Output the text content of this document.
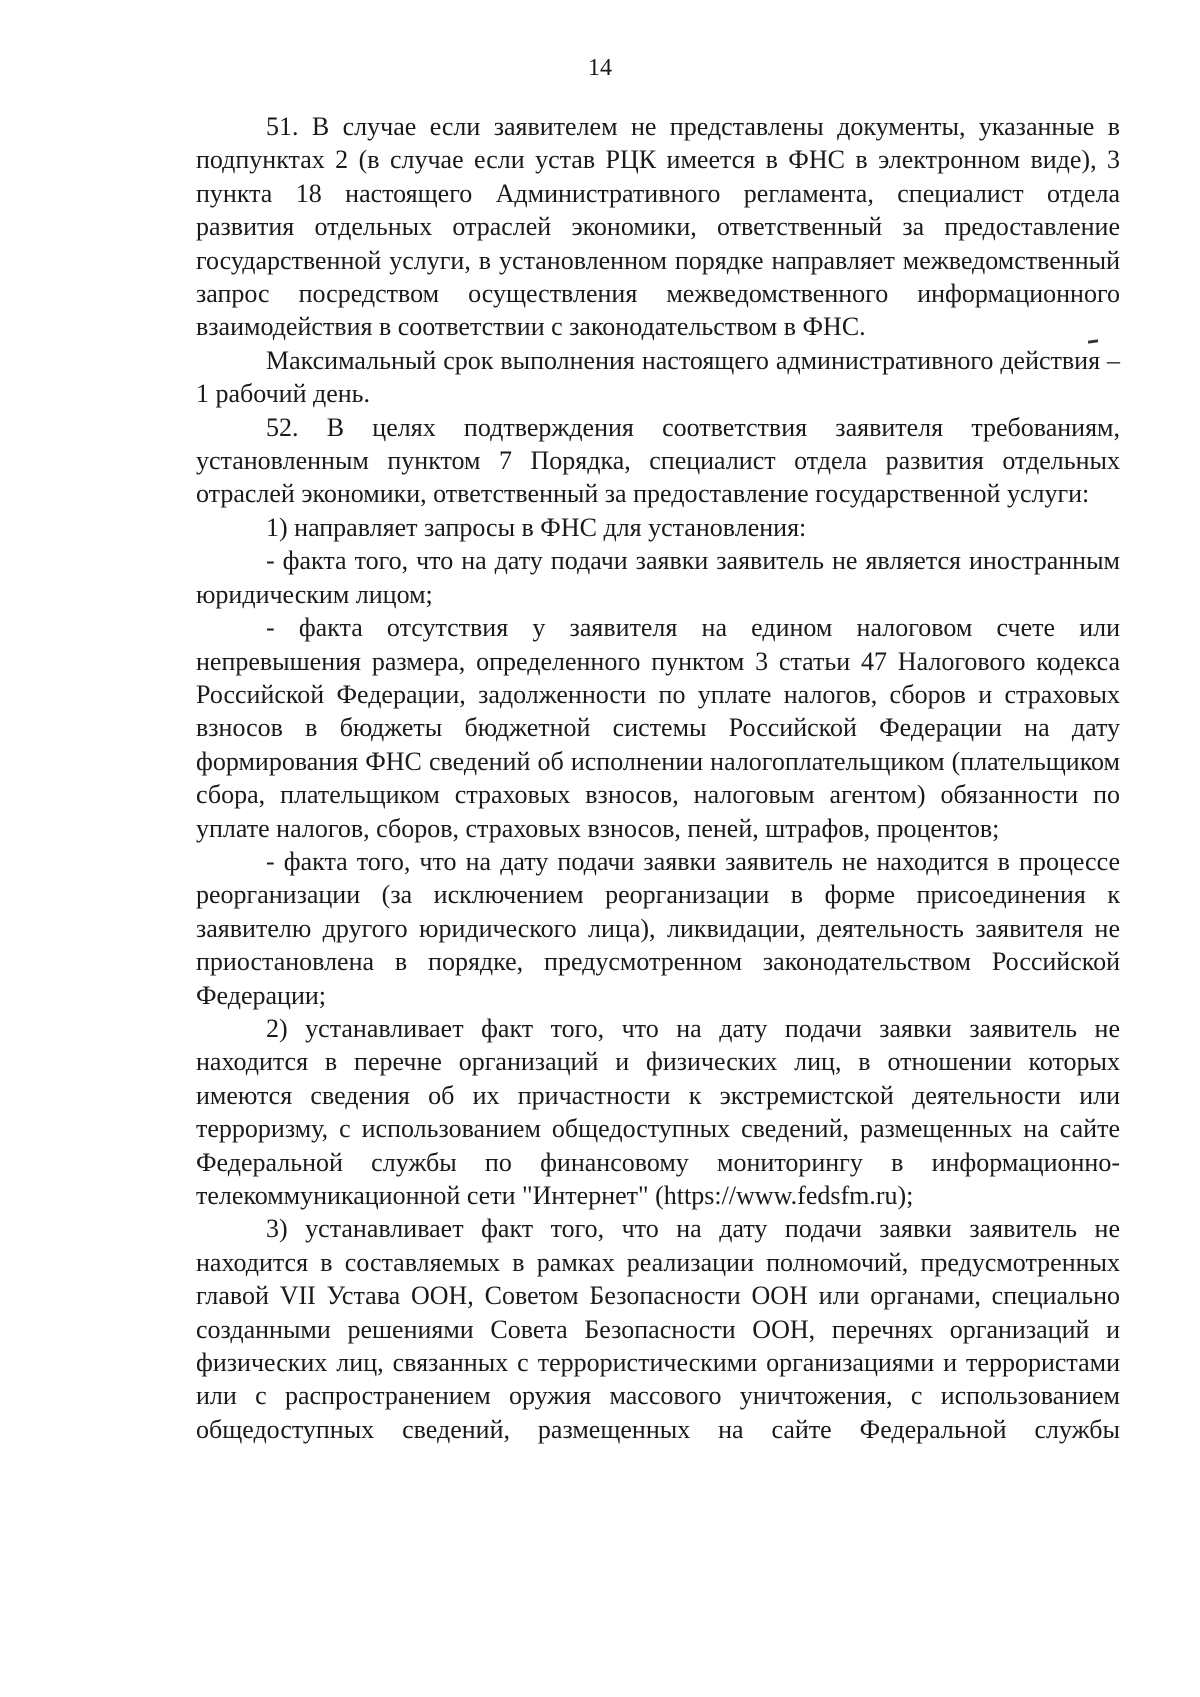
14

51. В случае если заявителем не представлены документы, указанные в подпунктах 2 (в случае если устав РЦК имеется в ФНС в электронном виде), 3 пункта 18 настоящего Административного регламента, специалист отдела развития отдельных отраслей экономики, ответственный за предоставление государственной услуги, в установленном порядке направляет межведомственный запрос посредством осуществления межведомственного информационного взаимодействия в соответствии с законодательством в ФНС.

Максимальный срок выполнения настоящего административного действия – 1 рабочий день.

52. В целях подтверждения соответствия заявителя требованиям, установленным пунктом 7 Порядка, специалист отдела развития отдельных отраслей экономики, ответственный за предоставление государственной услуги:

1) направляет запросы в ФНС для установления:

- факта того, что на дату подачи заявки заявитель не является иностранным юридическим лицом;

- факта отсутствия у заявителя на едином налоговом счете или непревышения размера, определенного пунктом 3 статьи 47 Налогового кодекса Российской Федерации, задолженности по уплате налогов, сборов и страховых взносов в бюджеты бюджетной системы Российской Федерации на дату формирования ФНС сведений об исполнении налогоплательщиком (плательщиком сбора, плательщиком страховых взносов, налоговым агентом) обязанности по уплате налогов, сборов, страховых взносов, пеней, штрафов, процентов;

- факта того, что на дату подачи заявки заявитель не находится в процессе реорганизации (за исключением реорганизации в форме присоединения к заявителю другого юридического лица), ликвидации, деятельность заявителя не приостановлена в порядке, предусмотренном законодательством Российской Федерации;

2) устанавливает факт того, что на дату подачи заявки заявитель не находится в перечне организаций и физических лиц, в отношении которых имеются сведения об их причастности к экстремистской деятельности или терроризму, с использованием общедоступных сведений, размещенных на сайте Федеральной службы по финансовому мониторингу в информационно-телекоммуникационной сети "Интернет" (https://www.fedsfm.ru);

3) устанавливает факт того, что на дату подачи заявки заявитель не находится в составляемых в рамках реализации полномочий, предусмотренных главой VII Устава ООН, Советом Безопасности ООН или органами, специально созданными решениями Совета Безопасности ООН, перечнях организаций и физических лиц, связанных с террористическими организациями и террористами или с распространением оружия массового уничтожения, с использованием общедоступных сведений, размещенных на сайте Федеральной службы
